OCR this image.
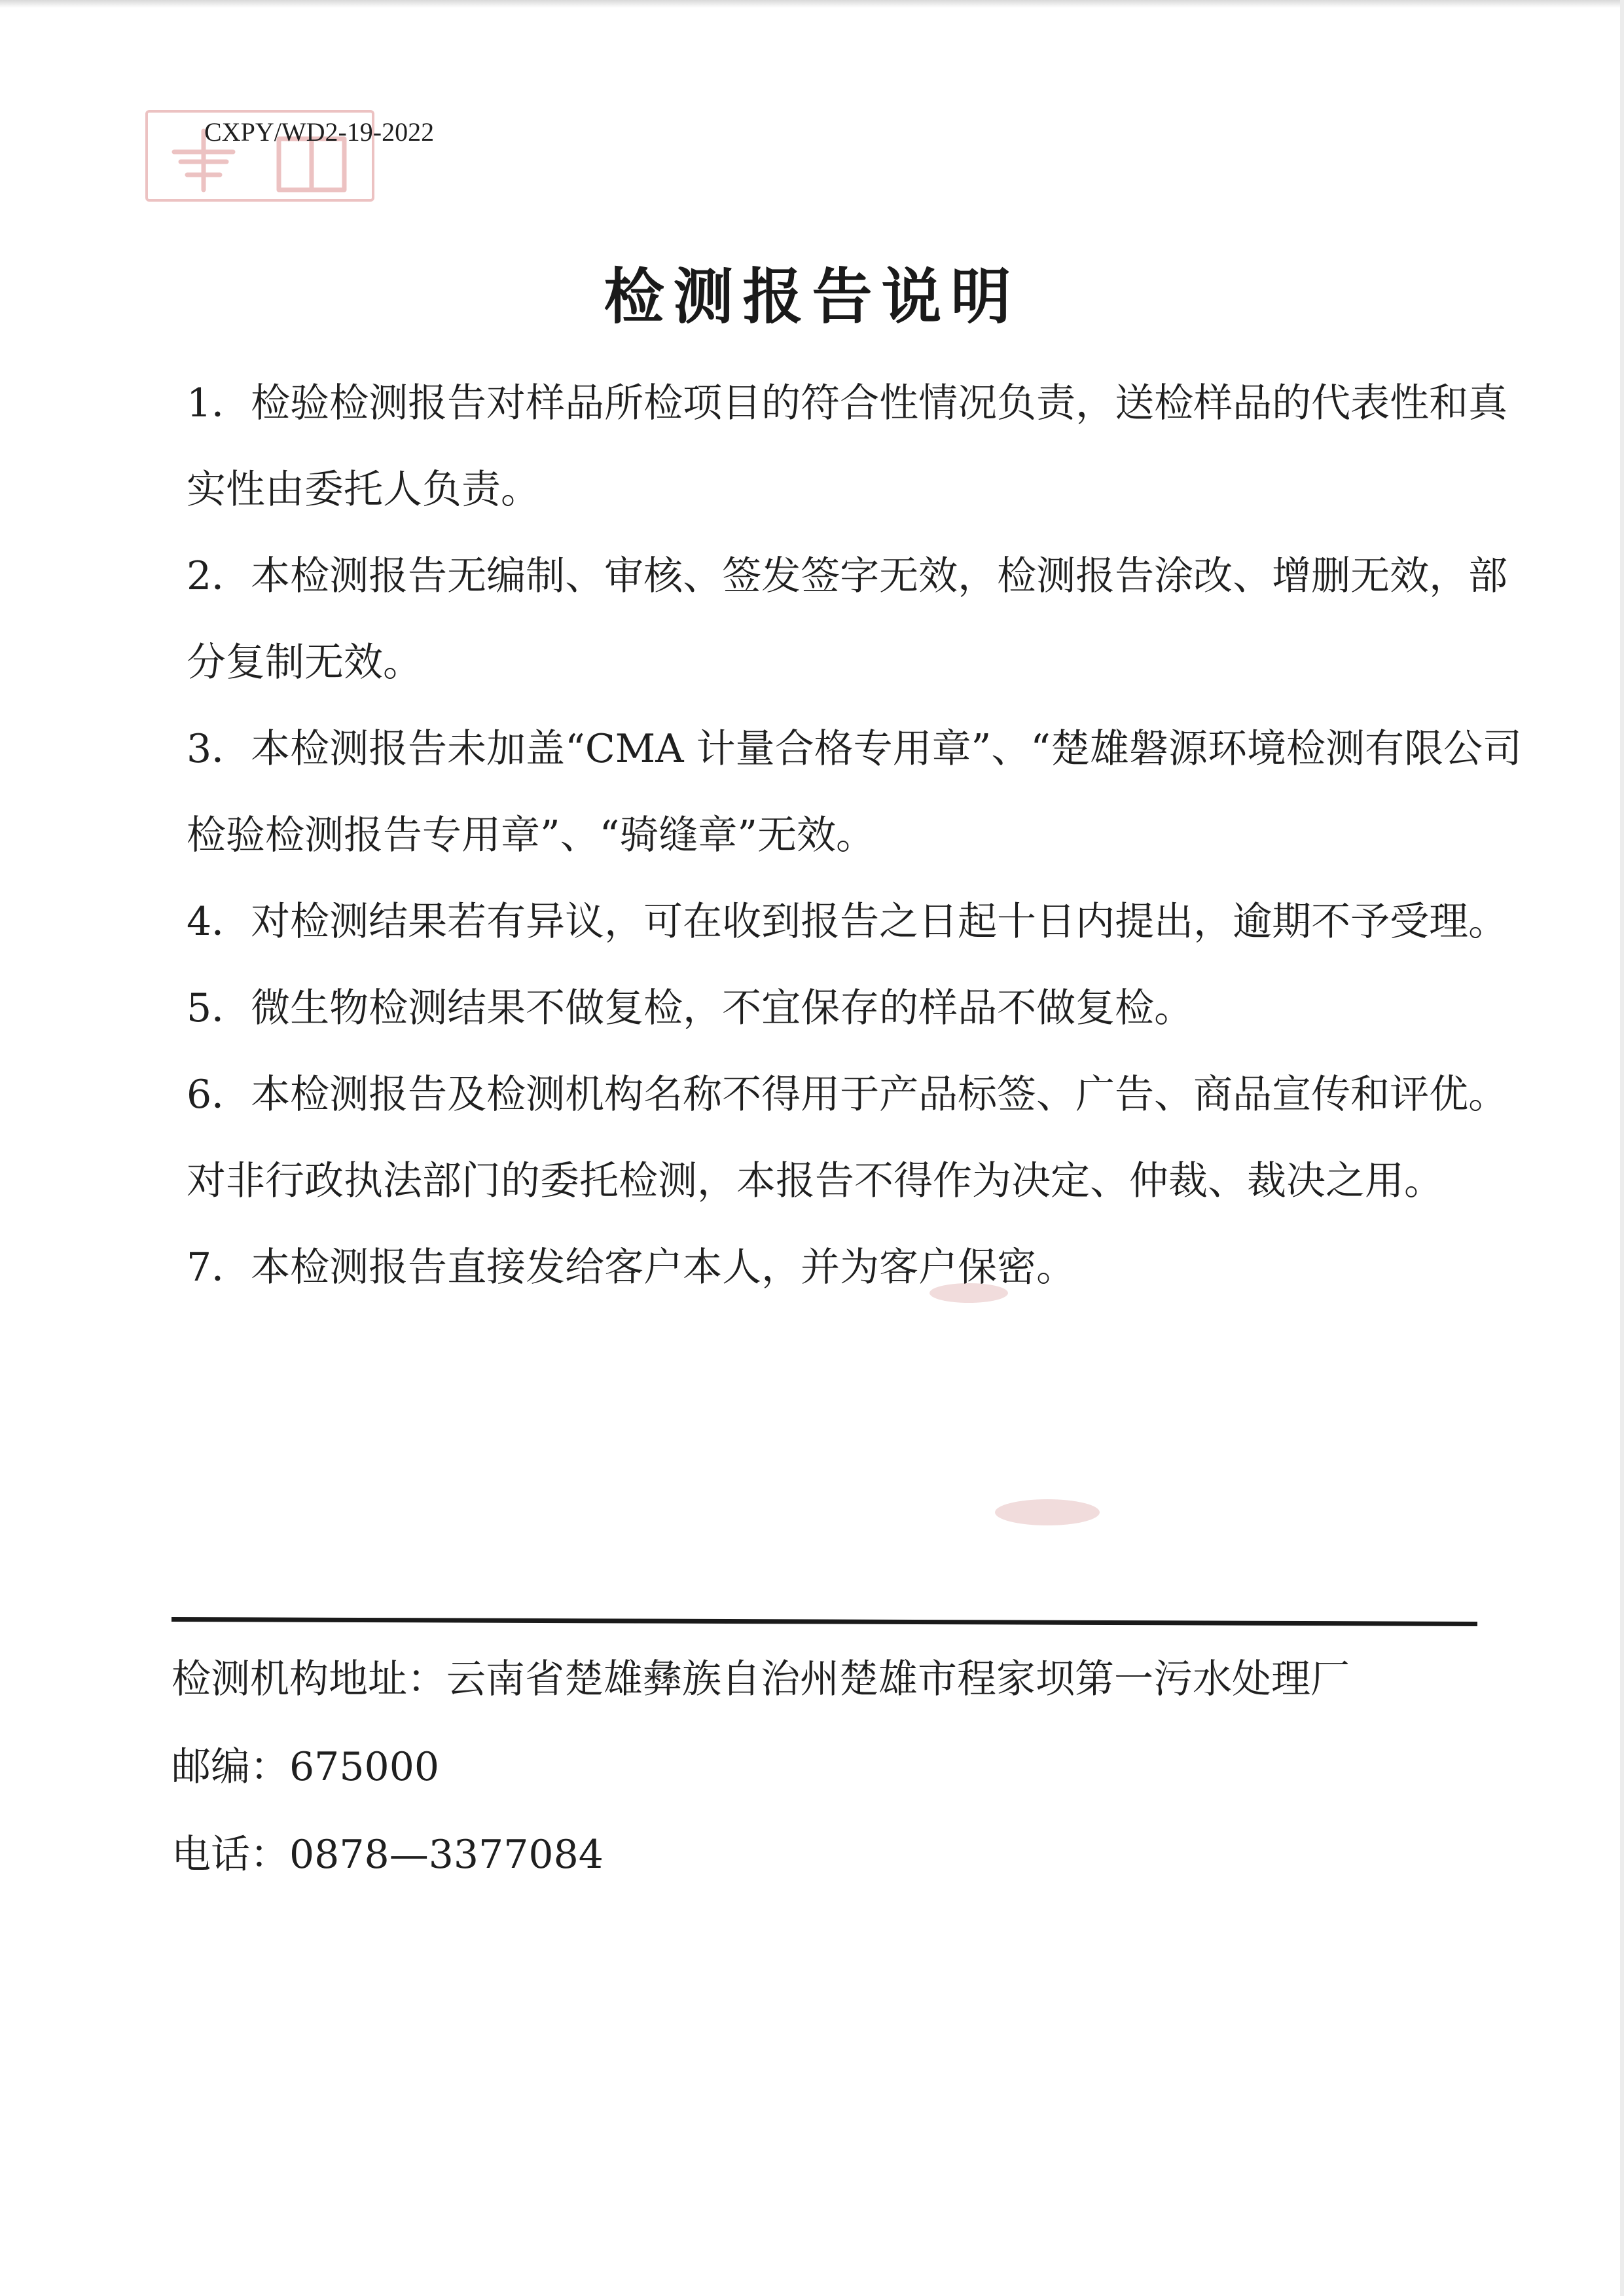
CXPY/WD2-19-2022
检测报告说明
1．检验检测报告对样品所检项目的符合性情况负责，送检样品的代表性和真实性由委托人负责。
2．本检测报告无编制、审核、签发签字无效，检测报告涂改、增删无效，部分复制无效。
3．本检测报告未加盖“CMA 计量合格专用章”、“楚雄磐源环境检测有限公司检验检测报告专用章”、“骑缝章”无效。
4．对检测结果若有异议，可在收到报告之日起十日内提出，逾期不予受理。
5．微生物检测结果不做复检，不宜保存的样品不做复检。
6．本检测报告及检测机构名称不得用于产品标签、广告、商品宣传和评优。对非行政执法部门的委托检测，本报告不得作为决定、仲裁、裁决之用。
7．本检测报告直接发给客户本人，并为客户保密。

检测机构地址：云南省楚雄彝族自治州楚雄市程家坝第一污水处理厂

邮编：675000

电话：0878—3377084
